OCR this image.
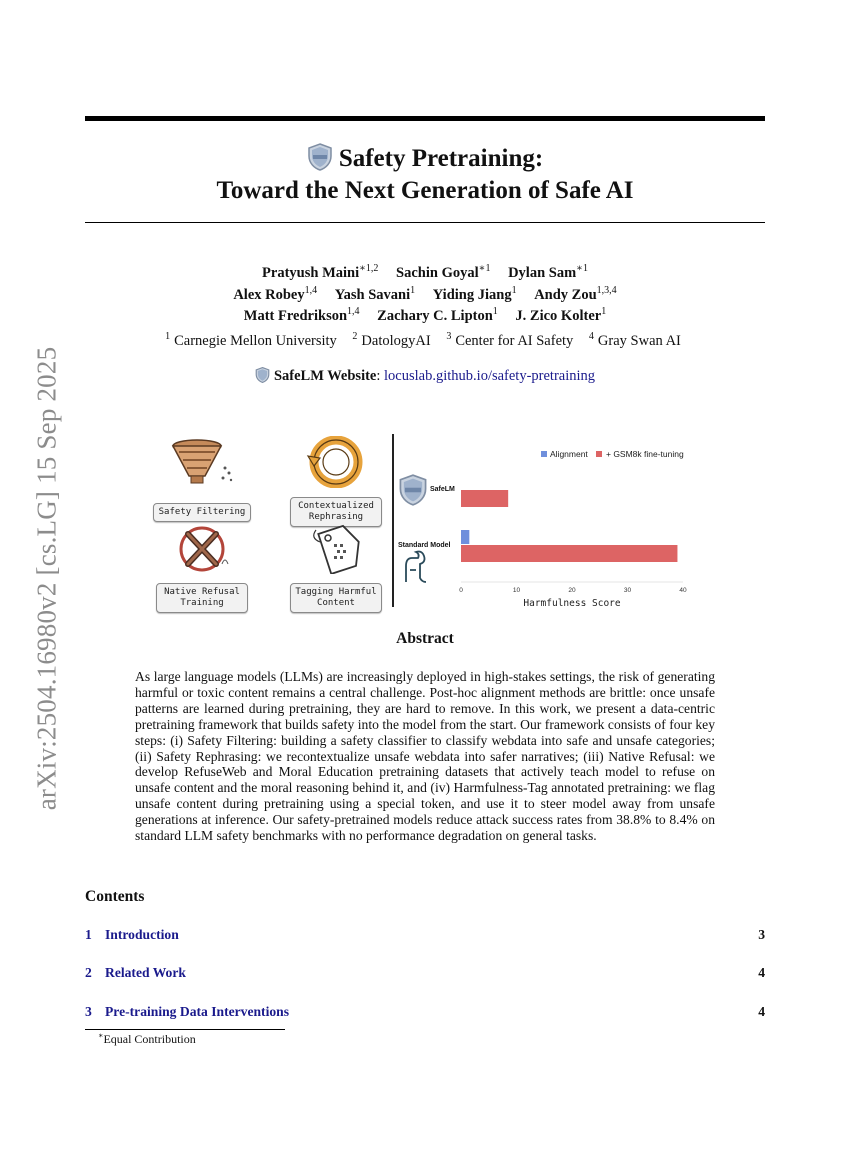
arXiv:2504.16980v2 [cs.LG] 15 Sep 2025
Safety Pretraining:
Toward the Next Generation of Safe AI
Pratyush Maini$^{∗1,2}$ Sachin Goyal$^{∗1}$ Dylan Sam$^{∗1}$
Alex Robey$^{1,4}$ Yash Savani$^1$ Yiding Jiang$^1$ Andy Zou$^{1,3,4}$
Matt Fredrikson$^{1,4}$ Zachary C. Lipton$^1$ J. Zico Kolter$^1$
$^1$ Carnegie Mellon University $^2$ DatologyAI $^3$ Center for AI Safety $^4$ Gray Swan AI
SafeLM Website: locuslab.github.io/safety-pretraining
Safety Filtering
Contextualized
Rephrasing
Native Refusal
Training
Tagging Harmful
Content
Alignment + GSM8k fine-tuning
SafeLM
Standard Model
0	10	20	30	40
Harmfulness Score
Abstract
As large language models (LLMs) are increasingly deployed in high-stakes settings, the risk of generating harmful or toxic content remains a central challenge. Post-hoc alignment methods are brittle: once unsafe patterns are learned during pretraining, they are hard to remove. In this work, we present a data-centric pretraining framework that builds safety into the model from the start. Our framework consists of four key steps: (i) Safety Filtering: building a safety classifier to classify webdata into safe and unsafe categories; (ii) Safety Rephrasing: we recontextualize unsafe webdata into safer narratives; (iii) Native Refusal: we develop RefuseWeb and Moral Education pretraining datasets that actively teach model to refuse on unsafe content and the moral reasoning behind it, and (iv) Harmfulness-Tag annotated pretraining: we flag unsafe content during pretraining using a special token, and use it to steer model away from unsafe generations at inference. Our safety-pretrained models reduce attack success rates from 38.8% to 8.4% on standard LLM safety benchmarks with no performance degradation on general tasks.
Contents
1 Introduction	3
2 Related Work	4
3 Pre-training Data Interventions	4
∗Equal Contribution
